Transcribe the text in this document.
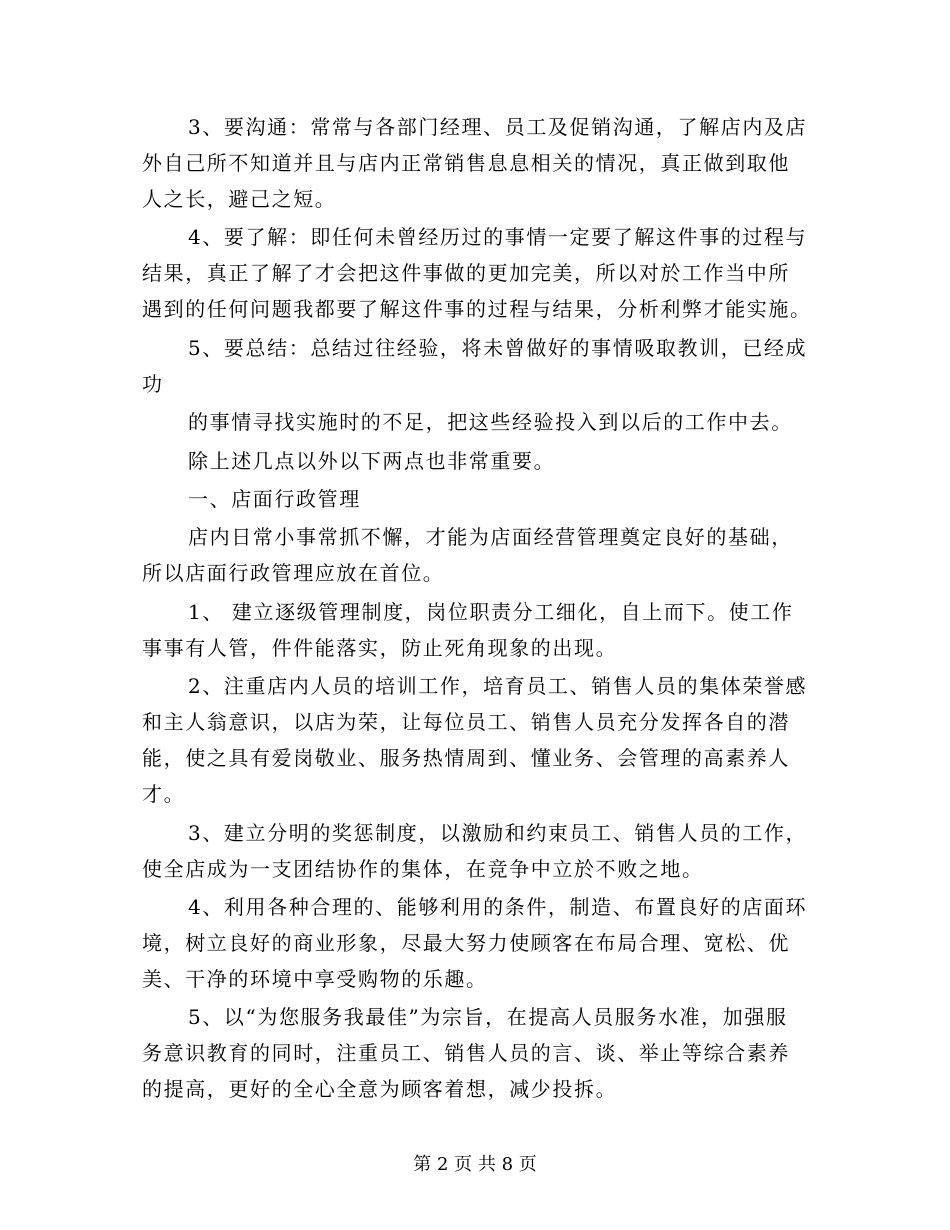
3、要沟通：常常与各部门经理、员工及促销沟通，了解店内及店
外自己所不知道并且与店内正常销售息息相关的情况，真正做到取他
人之长，避己之短。
4、要了解：即任何未曾经历过的事情一定要了解这件事的过程与
结果，真正了解了才会把这件事做的更加完美，所以对於工作当中所
遇到的任何问题我都要了解这件事的过程与结果，分析利弊才能实施。
5、要总结：总结过往经验，将未曾做好的事情吸取教训，已经成
功
的事情寻找实施时的不足，把这些经验投入到以后的工作中去。
除上述几点以外以下两点也非常重要。
一、店面行政管理
店内日常小事常抓不懈，才能为店面经营管理奠定良好的基础，
所以店面行政管理应放在首位。
1、 建立逐级管理制度，岗位职责分工细化，自上而下。使工作
事事有人管，件件能落实，防止死角现象的出现。
2、注重店内人员的培训工作，培育员工、销售人员的集体荣誉感
和主人翁意识，以店为荣，让每位员工、销售人员充分发挥各自的潜
能，使之具有爱岗敬业、服务热情周到、懂业务、会管理的高素养人
才。
3、建立分明的奖惩制度，以激励和约束员工、销售人员的工作，
使全店成为一支团结协作的集体，在竞争中立於不败之地。
4、利用各种合理的、能够利用的条件，制造、布置良好的店面环
境，树立良好的商业形象，尽最大努力使顾客在布局合理、宽松、优
美、干净的环境中享受购物的乐趣。
5、以“为您服务我最佳”为宗旨，在提高人员服务水准，加强服
务意识教育的同时，注重员工、销售人员的言、谈、举止等综合素养
的提高，更好的全心全意为顾客着想，减少投拆。
第 2 页 共 8 页
